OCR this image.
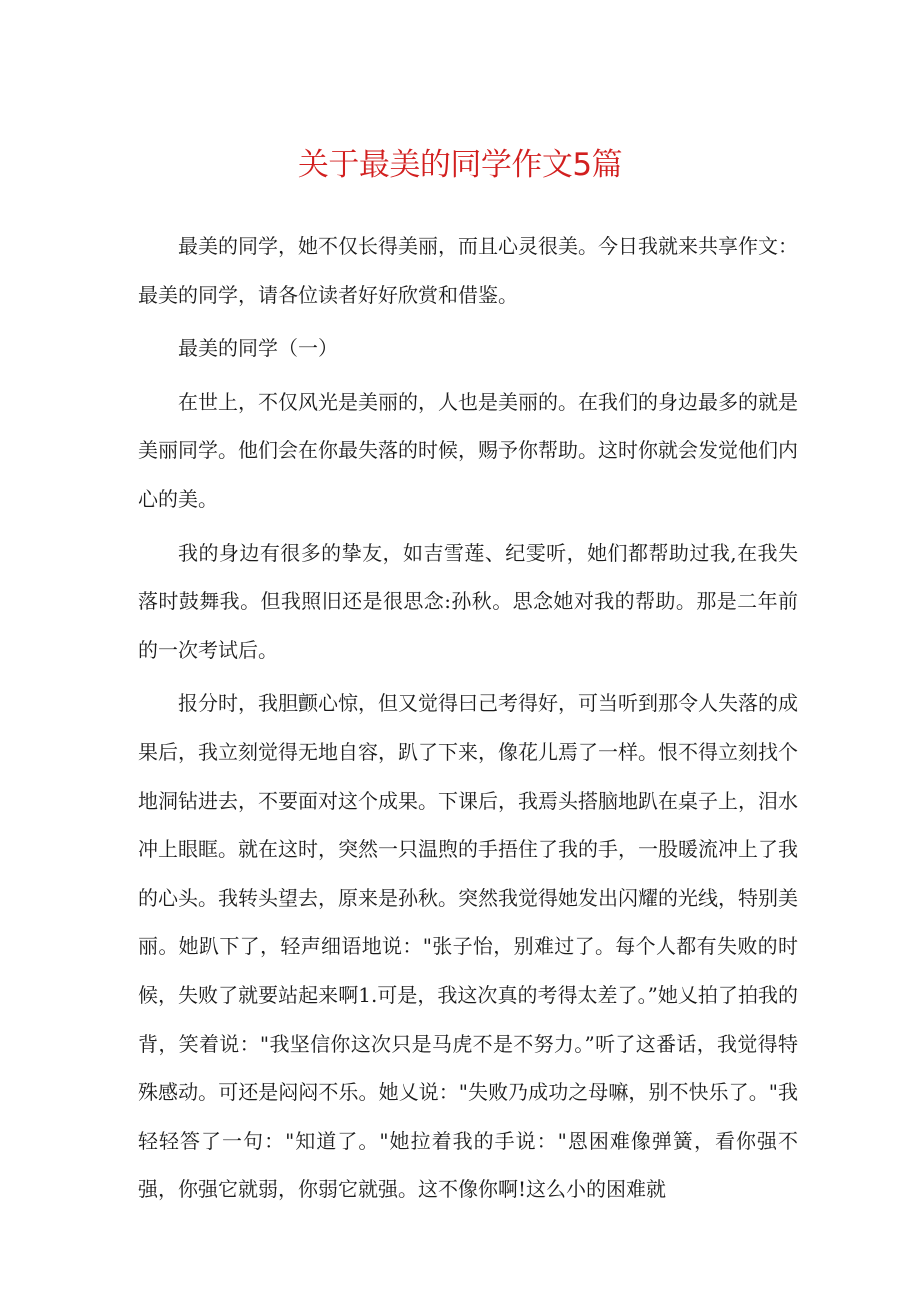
关于最美的同学作文5篇

最美的同学，她不仅长得美丽，而且心灵很美。今日我就来共享作文：最美的同学，请各位读者好好欣赏和借鉴。

最美的同学（一）

在世上，不仅风光是美丽的，人也是美丽的。在我们的身边最多的就是美丽同学。他们会在你最失落的时候，赐予你帮助。这时你就会发觉他们内心的美。

我的身边有很多的挚友，如吉雪莲、纪雯听，她们都帮助过我,在我失落时鼓舞我。但我照旧还是很思念:孙秋。思念她对我的帮助。那是二年前的一次考试后。

报分时，我胆颤心惊，但又觉得曰己考得好，可当听到那令人失落的成果后，我立刻觉得无地自容，趴了下来，像花儿焉了一样。恨不得立刻找个地洞钻进去，不要面对这个成果。下课后，我焉头搭脑地趴在桌子上，泪水冲上眼眶。就在这时，突然一只温煦的手捂住了我的手，一股暖流冲上了我的心头。我转头望去，原来是孙秋。突然我觉得她发出闪耀的光线，特别美丽。她趴下了，轻声细语地说："张子怡，别难过了。每个人都有失败的时候，失败了就要站起来啊1.可是，我这次真的考得太差了。”她乂拍了拍我的背，笑着说："我坚信你这次只是马虎不是不努力。”听了这番话，我觉得特殊感动。可还是闷闷不乐。她乂说："失败乃成功之母嘛，别不快乐了。"我轻轻答了一句："知道了。"她拉着我的手说："恩困难像弹簧，看你强不强，你强它就弱，你弱它就强。这不像你啊!这么小的困难就
